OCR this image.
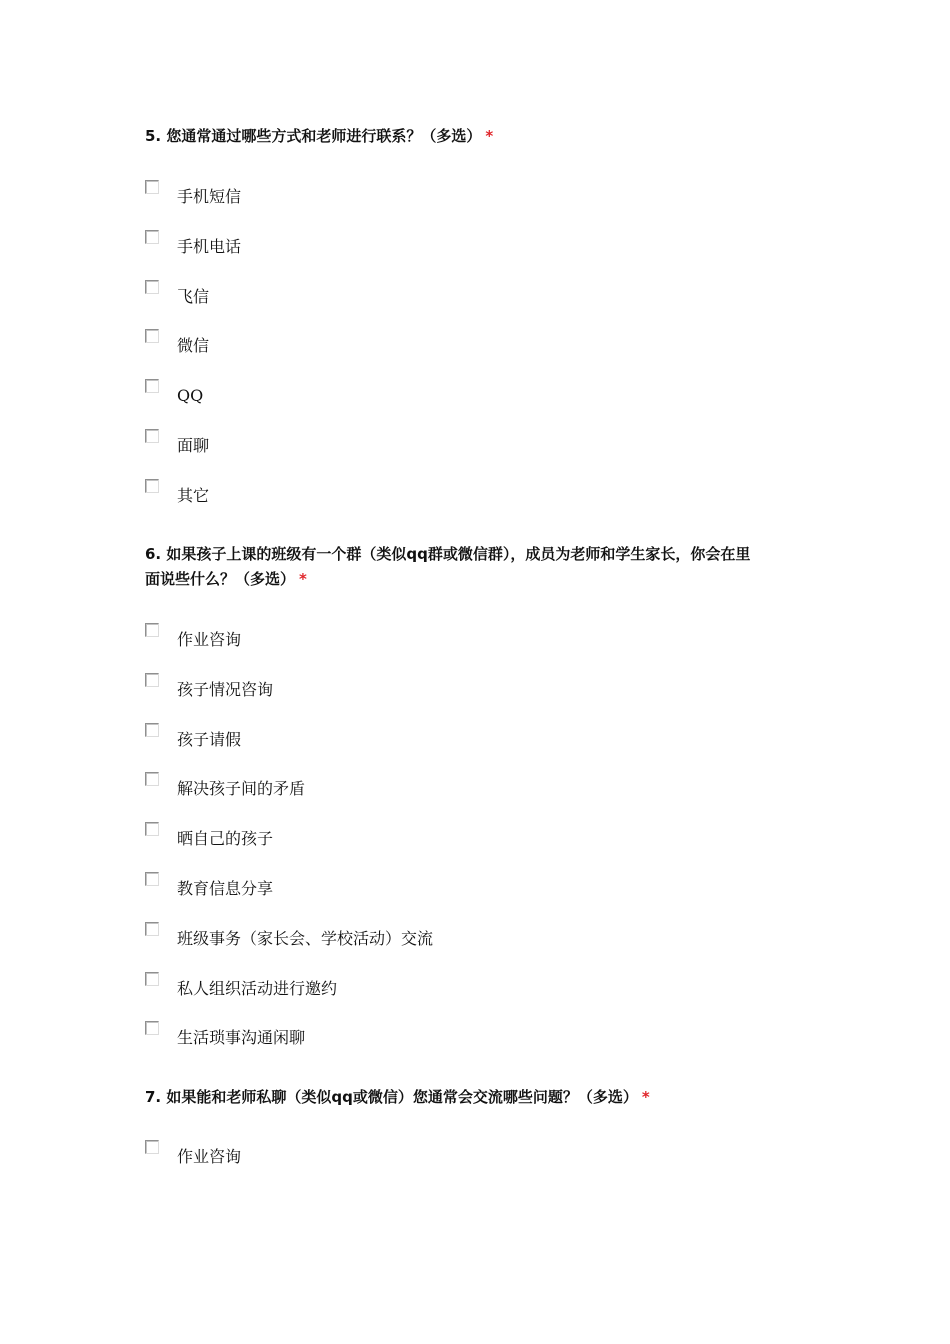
5. 您通常通过哪些方式和老师进行联系？（多选） *
手机短信
手机电话
飞信
微信
QQ
面聊
其它
6. 如果孩子上课的班级有一个群（类似qq群或微信群），成员为老师和学生家长，你会在里
面说些什么？（多选） *
作业咨询
孩子情况咨询
孩子请假
解决孩子间的矛盾
晒自己的孩子
教育信息分享
班级事务（家长会、学校活动）交流
私人组织活动进行邀约
生活琐事沟通闲聊
7. 如果能和老师私聊（类似qq或微信）您通常会交流哪些问题？（多选） *
作业咨询
